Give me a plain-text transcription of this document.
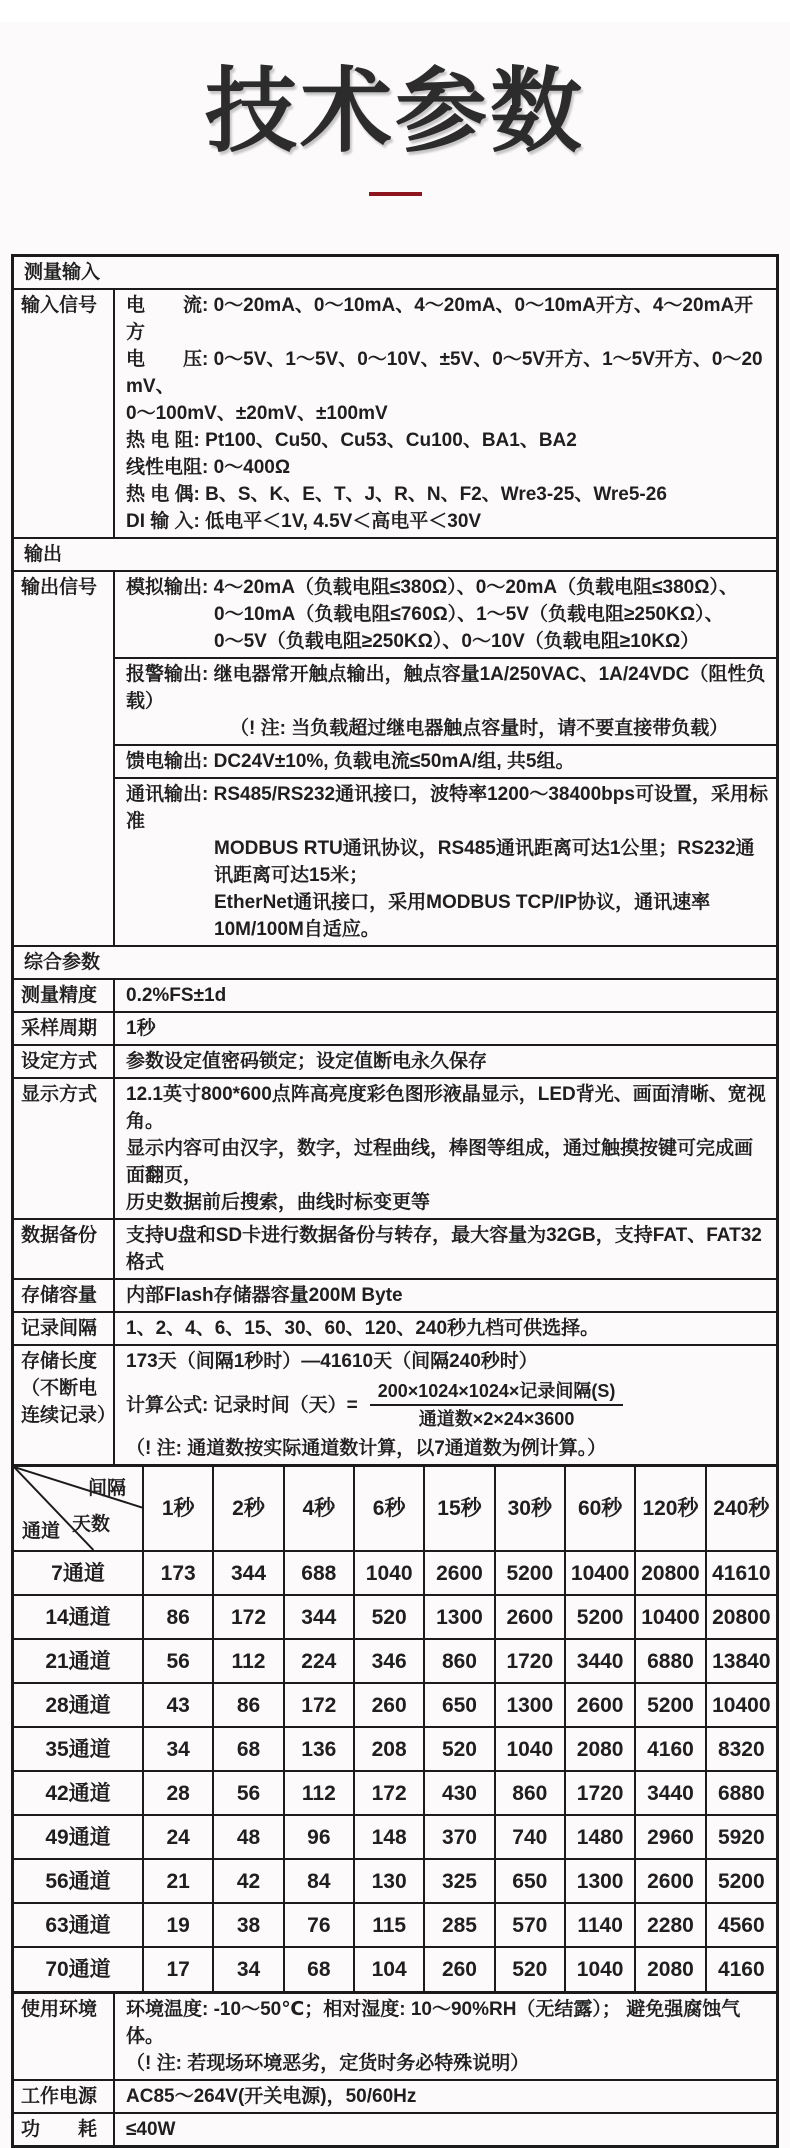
技术参数
测量输入
输入信号	电　　流: 0～20mA、0～10mA、4～20mA、0～10mA开方、4～20mA开方
电　　压: 0～5V、1～5V、0～10V、±5V、0～5V开方、1～5V开方、0～20 mV、
0～100mV、±20mV、±100mV
热 电 阻: Pt100、Cu50、Cu53、Cu100、BA1、BA2
线性电阻: 0～400Ω
热 电 偶: B、S、K、E、T、J、R、N、F2、Wre3-25、Wre5-26
DI 输 入: 低电平＜1V, 4.5V＜高电平＜30V
输出
输出信号	模拟输出: 4～20mA（负载电阻≤380Ω）、0～20mA（负载电阻≤380Ω）、
0～10mA（负载电阻≤760Ω）、1～5V（负载电阻≥250KΩ）、
0～5V（负载电阻≥250KΩ）、0～10V（负载电阻≥10KΩ）
报警输出: 继电器常开触点输出，触点容量1A/250VAC、1A/24VDC（阻性负载）
（! 注: 当负载超过继电器触点容量时，请不要直接带负载）
馈电输出: DC24V±10%, 负载电流≤50mA/组, 共5组。
通讯输出: RS485/RS232通讯接口，波特率1200～38400bps可设置，采用标准
MODBUS RTU通讯协议，RS485通讯距离可达1公里；RS232通讯距离可达15米；
EtherNet通讯接口，采用MODBUS TCP/IP协议，通讯速率10M/100M自适应。
综合参数
测量精度	0.2%FS±1d
采样周期	1秒
设定方式	参数设定值密码锁定；设定值断电永久保存
显示方式	12.1英寸800*600点阵高亮度彩色图形液晶显示，LED背光、画面清晰、宽视角。
显示内容可由汉字，数字，过程曲线，棒图等组成，通过触摸按键可完成画面翻页，
历史数据前后搜索，曲线时标变更等
数据备份	支持U盘和SD卡进行数据备份与转存，最大容量为32GB，支持FAT、FAT32格式
存储容量	内部Flash存储器容量200M Byte
记录间隔	1、2、4、6、15、30、60、120、240秒九档可供选择。
存储长度
（不断电
连续记录）
173天（间隔1秒时）—41610天（间隔240秒时）
计算公式: 记录时间（天）= $\frac{\text{200×1024×1024×记录间隔(S)}}{\text{通道数×2×24×3600}}$
（! 注: 通道数按实际通道数计算，以7通道数为例计算。）
间隔
天数
通道	1秒	2秒	4秒	6秒	15秒	30秒	60秒	120秒	240秒
7通道	173	344	688	1040	2600	5200	10400	20800	41610
14通道	86	172	344	520	1300	2600	5200	10400	20800
21通道	56	112	224	346	860	1720	3440	6880	13840
28通道	43	86	172	260	650	1300	2600	5200	10400
35通道	34	68	136	208	520	1040	2080	4160	8320
42通道	28	56	112	172	430	860	1720	3440	6880
49通道	24	48	96	148	370	740	1480	2960	5920
56通道	21	42	84	130	325	650	1300	2600	5200
63通道	19	38	76	115	285	570	1140	2280	4560
70通道	17	34	68	104	260	520	1040	2080	4160
使用环境	环境温度: -10～50℃；相对湿度: 10～90%RH（无结露）； 避免强腐蚀气体。
（! 注: 若现场环境恶劣，定货时务必特殊说明）
工作电源	AC85～264V(开关电源)，50/60Hz
功　　耗	≤40W
